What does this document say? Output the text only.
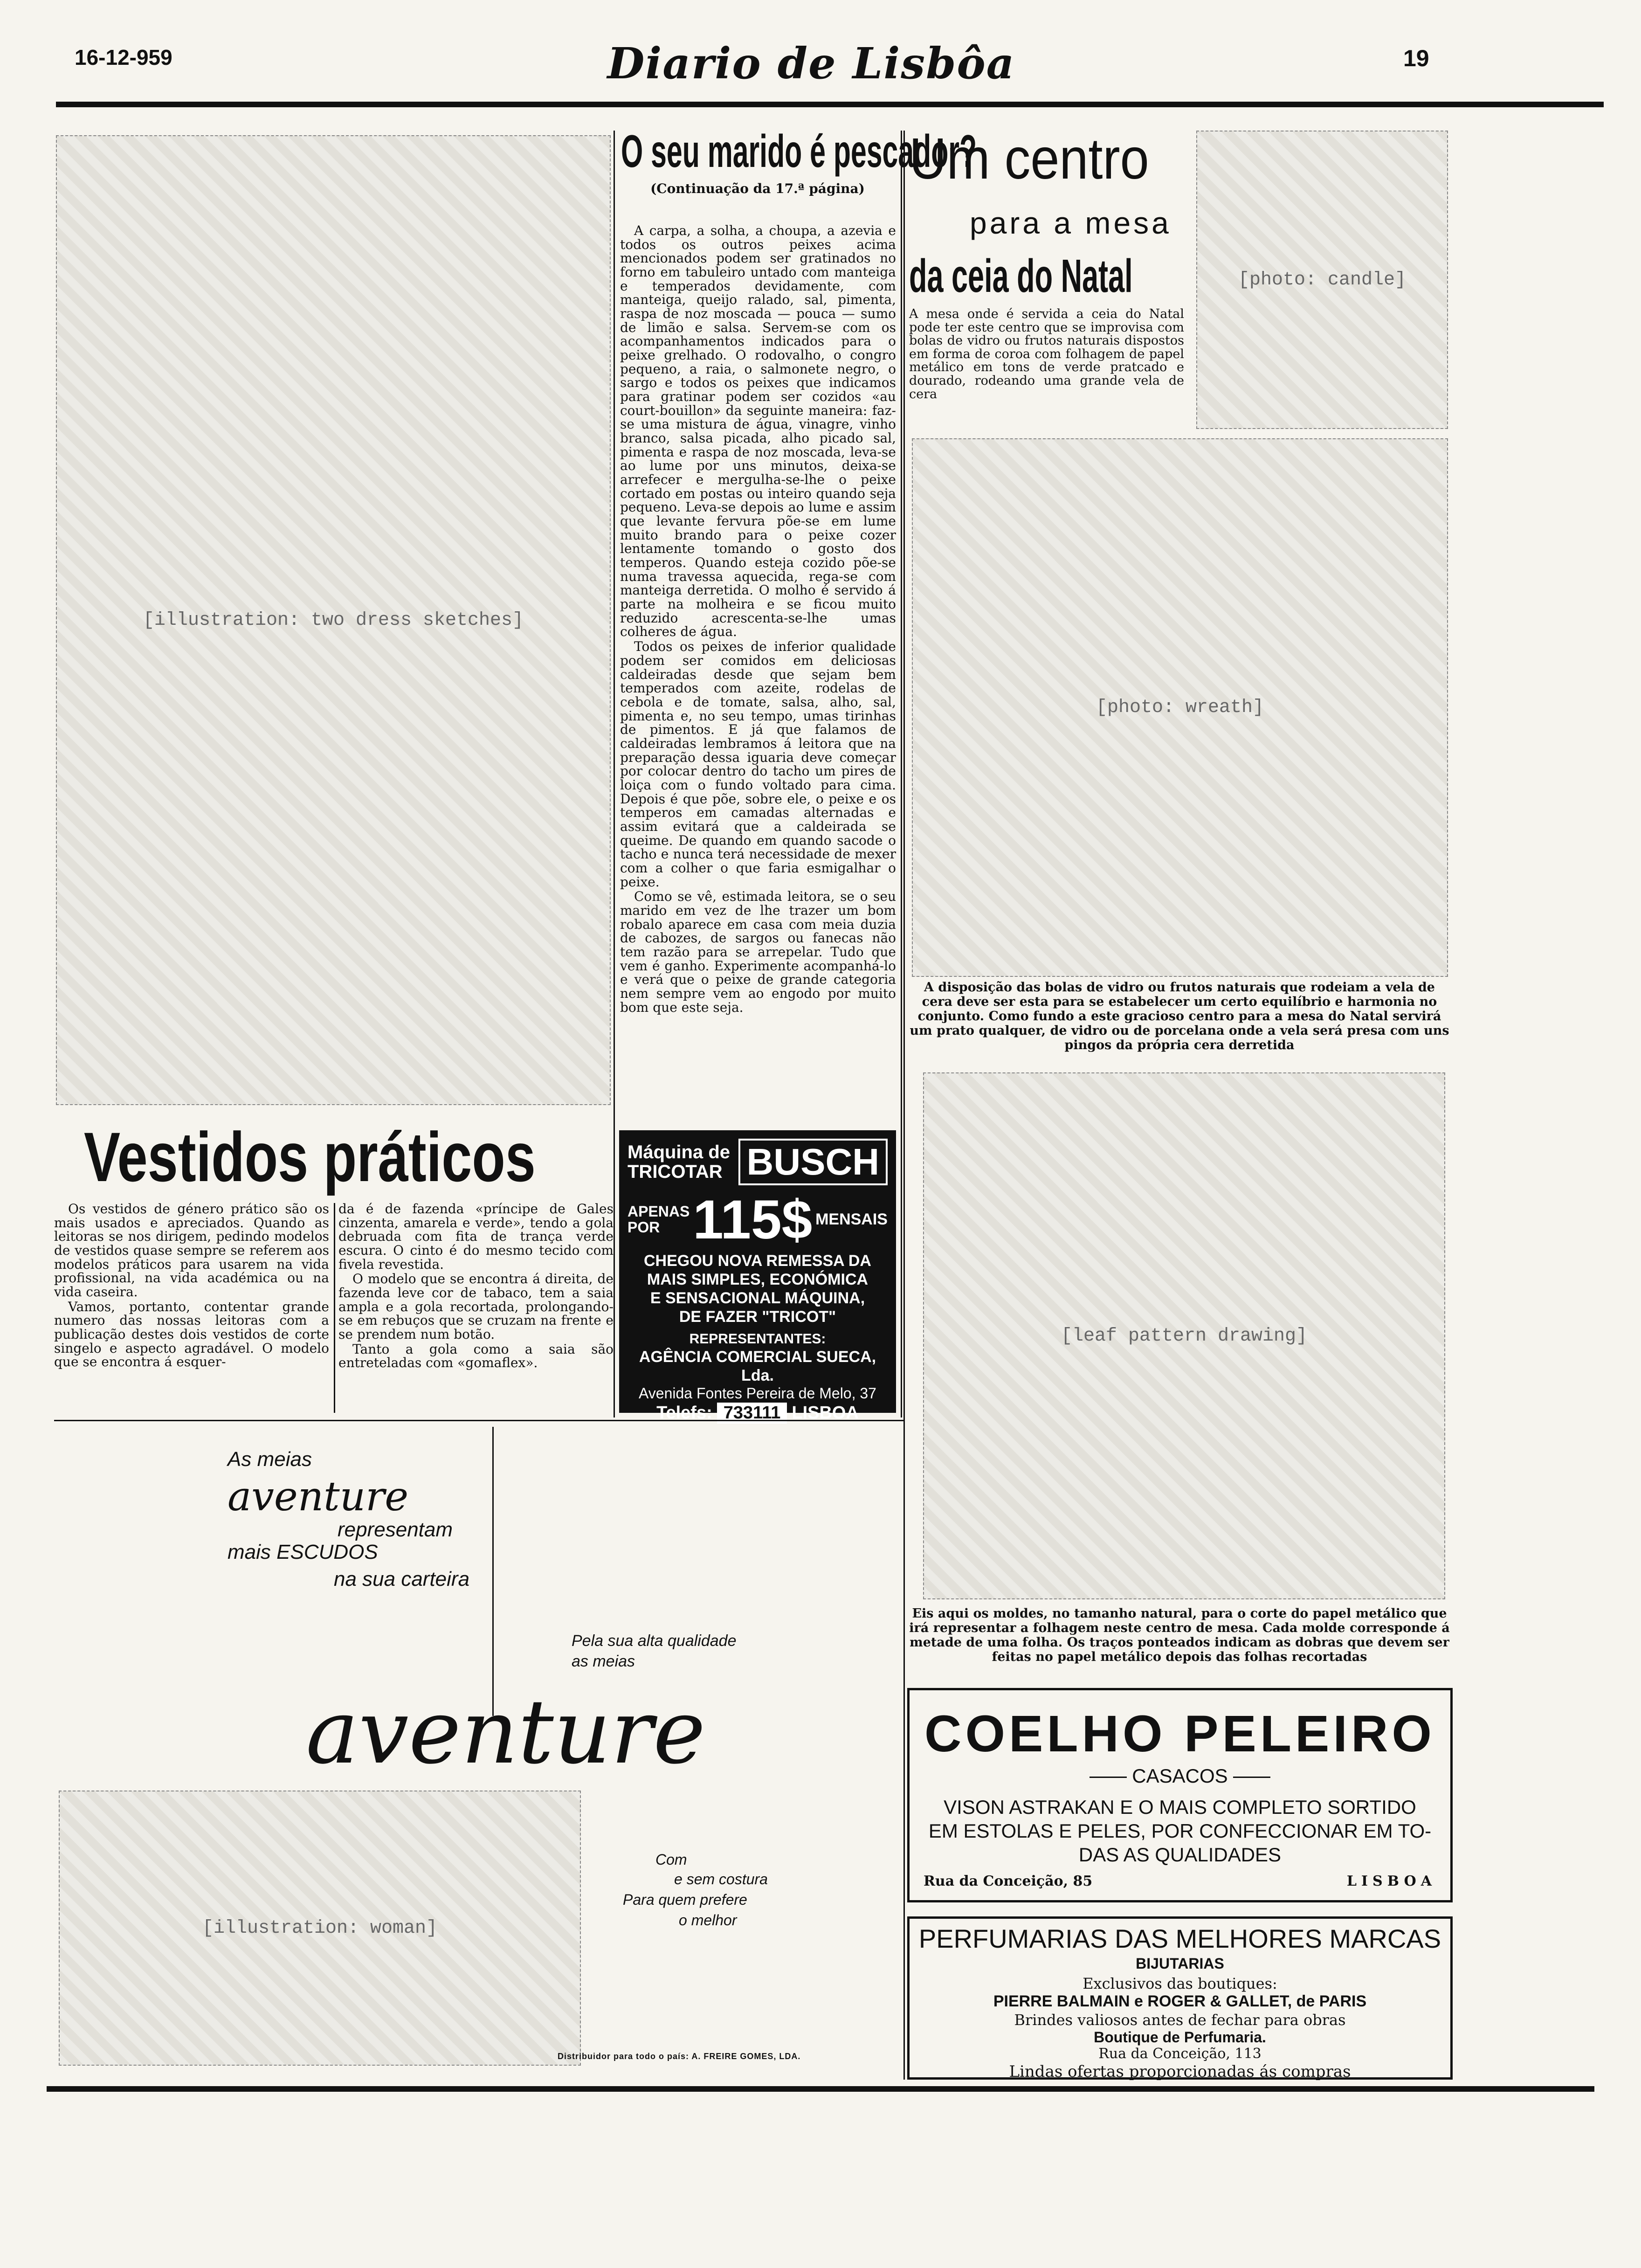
16-12-959	Diario de Lisbôa	19
[illustration: two dress sketches]
Vestidos práticos

Os vestidos de género prático são os mais usados e apreciados. Quando as leitoras se nos dirigem, pedindo modelos de vestidos quase sempre se referem aos modelos práticos para usarem na vida profissional, na vida académica ou na vida caseira.

Vamos, portanto, contentar grande numero das nossas leitoras com a publicação destes dois vestidos de corte singelo e aspecto agradável. O modelo que se encontra á esquer-

da é de fazenda «príncipe de Gales cinzenta, amarela e verde», tendo a gola debruada com fita de trança verde escura. O cinto é do mesmo tecido com fivela revestida.

O modelo que se encontra á direita, de fazenda leve cor de tabaco, tem a saia ampla e a gola recortada, prolongando-se em rebuços que se cruzam na frente e se prendem num botão.

Tanto a gola como a saia são entreteladas com «gomaflex».

O seu marido é pescador?
(Continuação da 17.ª página)

A carpa, a solha, a choupa, a azevia e todos os outros peixes acima mencionados podem ser gratinados no forno em tabuleiro untado com manteiga e temperados devidamente, com manteiga, queijo ralado, sal, pimenta, raspa de noz moscada — pouca — sumo de limão e salsa. Servem-se com os acompanhamentos indicados para o peixe grelhado. O rodovalho, o congro pequeno, a raia, o salmonete negro, o sargo e todos os peixes que indicamos para gratinar podem ser cozidos «au court-bouillon» da seguinte maneira: faz-se uma mistura de água, vinagre, vinho branco, salsa picada, alho picado sal, pimenta e raspa de noz moscada, leva-se ao lume por uns minutos, deixa-se arrefecer e mergulha-se-lhe o peixe cortado em postas ou inteiro quando seja pequeno. Leva-se depois ao lume e assim que levante fervura põe-se em lume muito brando para o peixe cozer lentamente tomando o gosto dos temperos. Quando esteja cozido põe-se numa travessa aquecida, rega-se com manteiga derretida. O molho é servido á parte na molheira e se ficou muito reduzido acrescenta-se-lhe umas colheres de água.

Todos os peixes de inferior qualidade podem ser comidos em deliciosas caldeiradas desde que sejam bem temperados com azeite, rodelas de cebola e de tomate, salsa, alho, sal, pimenta e, no seu tempo, umas tirinhas de pimentos. E já que falamos de caldeiradas lembramos á leitora que na preparação dessa iguaria deve começar por colocar dentro do tacho um pires de loiça com o fundo voltado para cima. Depois é que põe, sobre ele, o peixe e os temperos em camadas alternadas e assim evitará que a caldeirada se queime. De quando em quando sacode o tacho e nunca terá necessidade de mexer com a colher o que faria esmigalhar o peixe.

Como se vê, estimada leitora, se o seu marido em vez de lhe trazer um bom robalo aparece em casa com meia duzia de cabozes, de sargos ou fanecas não tem razão para se arrepelar. Tudo que vem é ganho. Experimente acompanhá-lo e verá que o peixe de grande categoria nem sempre vem ao engodo por muito bom que este seja.

Máquina de
TRICOTAR BUSCH
APENAS
POR 115$ MENSAIS
CHEGOU NOVA REMESSA DA
MAIS SIMPLES, ECONÓMICA
E SENSACIONAL MÁQUINA,
DE FAZER "TRICOT"
REPRESENTANTES:
AGÊNCIA COMERCIAL SUECA, Lda.
Avenida Fontes Pereira de Melo, 37
Telefs: 733111 LISBOA
Um centro
para a mesa
da ceia do Natal

A mesa onde é servida a ceia do Natal pode ter este centro que se improvisa com bolas de vidro ou frutos naturais dispostos em forma de coroa com folhagem de papel metálico em tons de verde pratcado e dourado, rodeando uma grande vela de cera

[photo: candle]
[photo: wreath]
A disposição das bolas de vidro ou frutos naturais que rodeiam a vela de cera deve ser esta para se estabelecer um certo equilíbrio e harmonia no conjunto. Como fundo a este gracioso centro para a mesa do Natal servirá um prato qualquer, de vidro ou de porcelana onde a vela será presa com uns pingos da própria cera derretida
[leaf pattern drawing]
Eis aqui os moldes, no tamanho natural, para o corte do papel metálico que irá representar a folhagem neste centro de mesa. Cada molde corresponde á metade de uma folha. Os traços ponteados indicam as dobras que devem ser feitas no papel metálico depois das folhas recortadas
As meias
aventure
representam
mais ESCUDOS
na sua carteira
Pela sua alta qualidade
as meias
aventure
[illustration: woman]
Com
e sem costura
Para quem prefere
o melhor
Distribuidor para todo o país: A. FREIRE GOMES, LDA.
COELHO PELEIRO
CASACOS
VISON ASTRAKAN E O MAIS COMPLETO SORTIDO
EM ESTOLAS E PELES, POR CONFECCIONAR EM TO-
DAS AS QUALIDADES
Rua da Conceição, 85	LISBOA
PERFUMARIAS DAS MELHORES MARCAS
BIJUTARIAS
Exclusivos das boutiques:
PIERRE BALMAIN e ROGER & GALLET, de PARIS
Brindes valiosos antes de fechar para obras
Boutique de Perfumaria.
Rua da Conceição, 113
Lindas ofertas proporcionadas ás compras
